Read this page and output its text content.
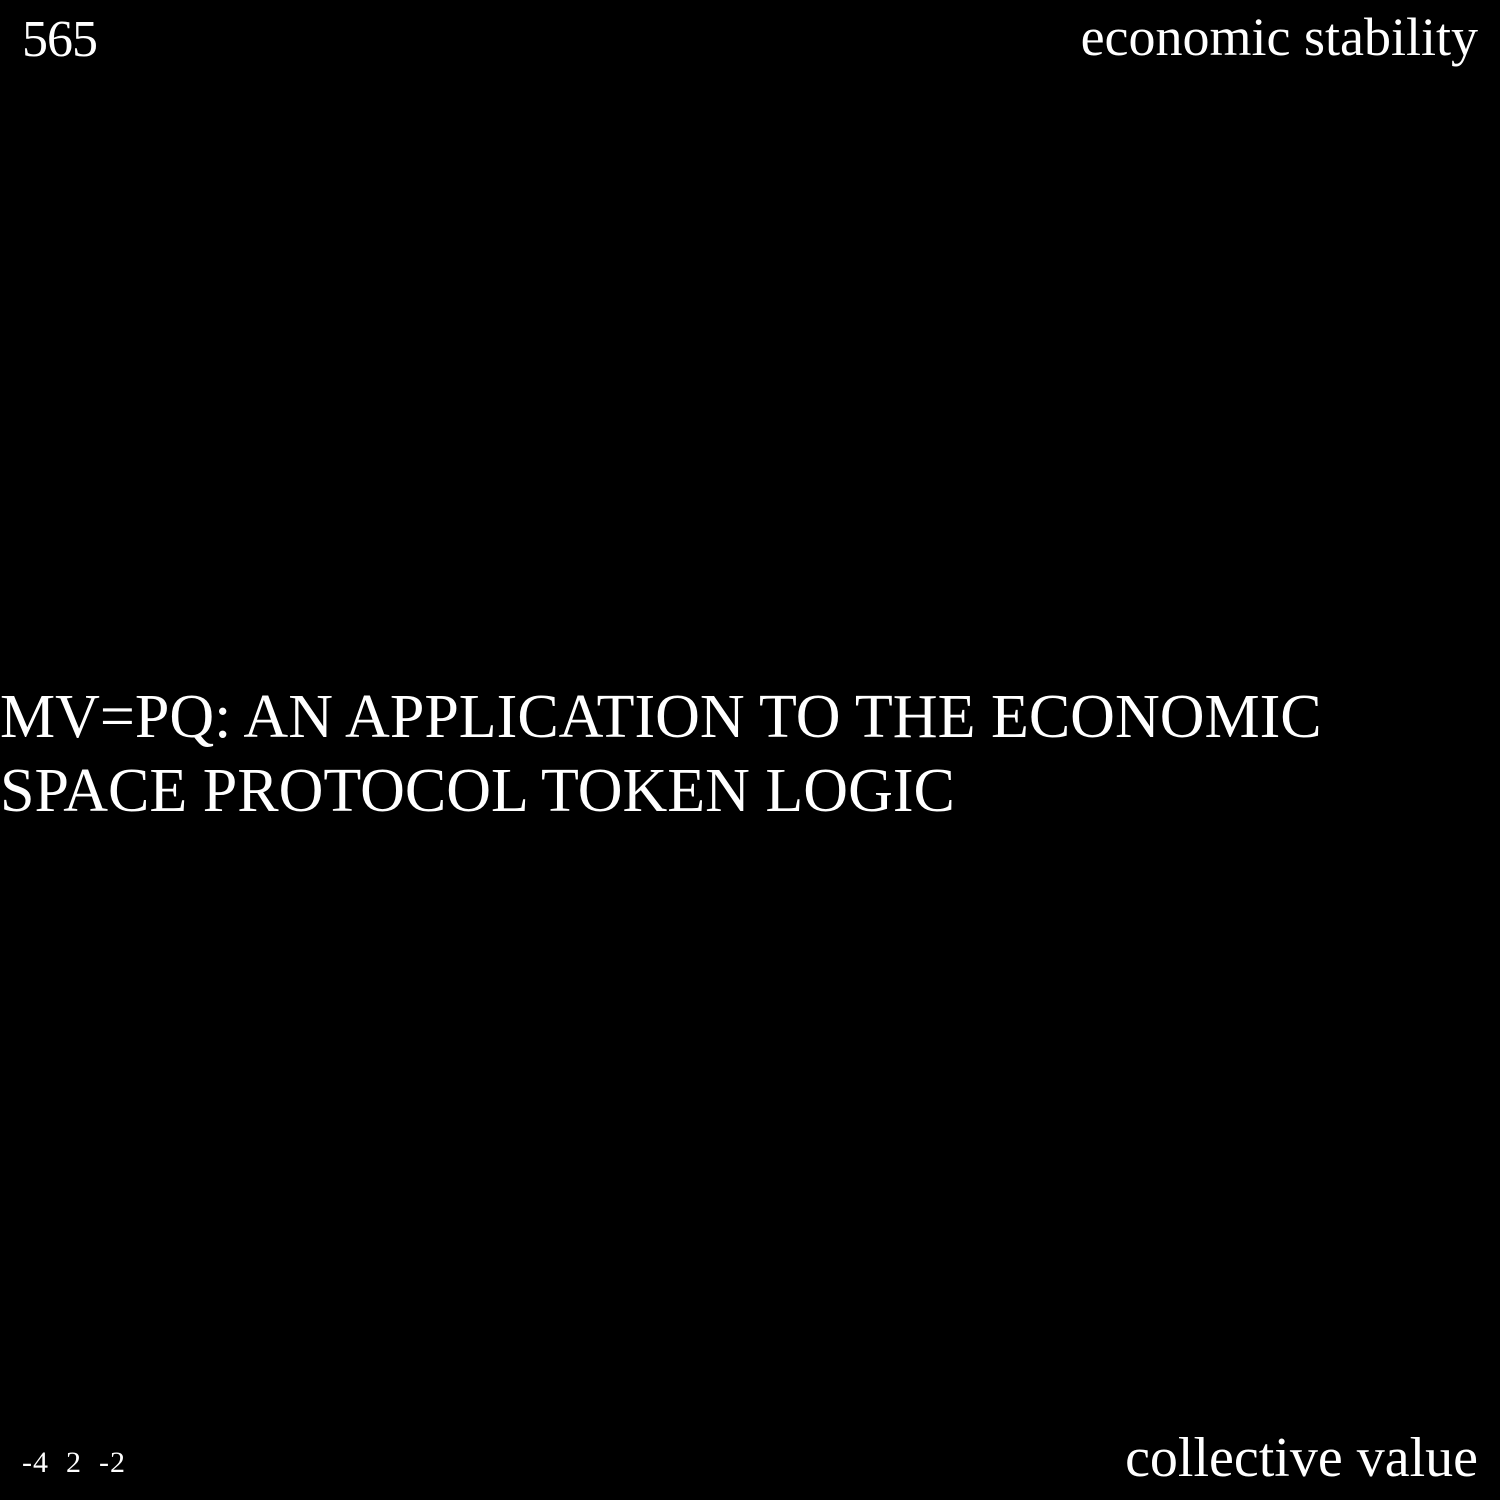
565	economic stability
MV=PQ: AN APPLICATION TO THE ECONOMIC
SPACE PROTOCOL TOKEN LOGIC
-4  2  -2	collective value
